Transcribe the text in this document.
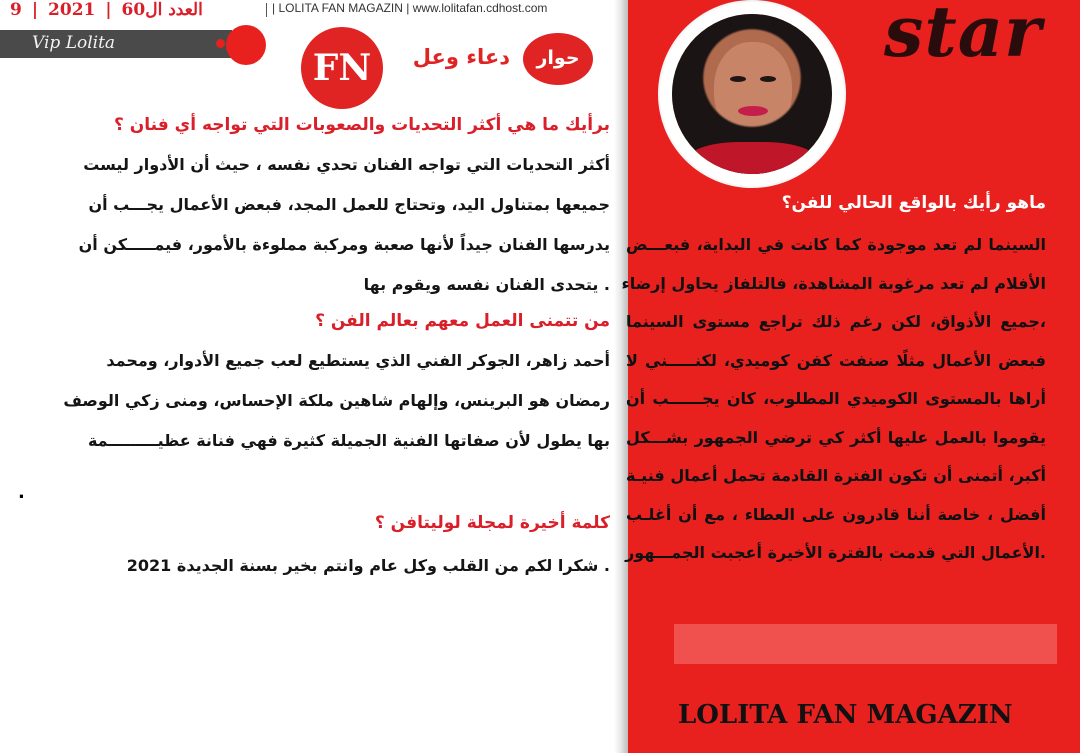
العدد ال60|2021|9	| LOLITA FAN MAGAZIN | www.lolitafan.cdhost.com
Vip Lolita
FN	حوار
دعاء وعل
برأيك ما هي أكثر التحديات والصعوبات التي تواجه أي فنان ؟
أكثر التحديات التي تواجه الفنان تحدي نفسه ، حيث أن الأدوار ليست
جميعها بمتناول اليد، وتحتاج للعمل المجد، فبعض الأعمال يجـــب أن
يدرسها الفنان جيداً لأنها صعبة ومركبة مملوءة بالأمور، فيمـــــكن أن
. يتحدى الفنان نفسه ويقوم بها
من تتمنى العمل معهم بعالم الفن ؟
أحمد زاهر، الجوكر الفني الذي يستطيع لعب جميع الأدوار، ومحمد
رمضان هو البرينس، وإلهام شاهين ملكة الإحساس، ومنى زكي الوصف
بها يطول لأن صفاتها الفنية الجميلة كثيرة فهي فنانة عظيـــــــــمة
.
كلمة أخيرة لمجلة لوليتافن ؟
. شكرا لكم من القلب وكل عام وانتم بخير بسنة الجديدة 2021
star
ماهو رأيك بالواقع الحالي للفن؟
السينما لم تعد موجودة كما كانت في البداية، فبعـــض
الأفلام لم تعد مرغوبة المشاهدة، فالتلفاز يحاول إرضاء
،جميع الأذواق، لكن رغم ذلك تراجع مستوى السينما
فبعض الأعمال مثلًا صنفت كفن كوميدي، لكنـــــني لا
أراها بالمستوى الكوميدي المطلوب، كان يجــــــب أن
يقوموا بالعمل عليها أكثر كي ترضي الجمهور بشـــكل
أكبر، أتمنى أن تكون الفترة القادمة تحمل أعمال فنيـة
أفضل ، خاصة أننا قادرون على العطاء ، مع أن أغلـب
.الأعمال التي قدمت بالفترة الأخيرة أعجبت الجمـــهور
LOLITA FAN MAGAZIN
